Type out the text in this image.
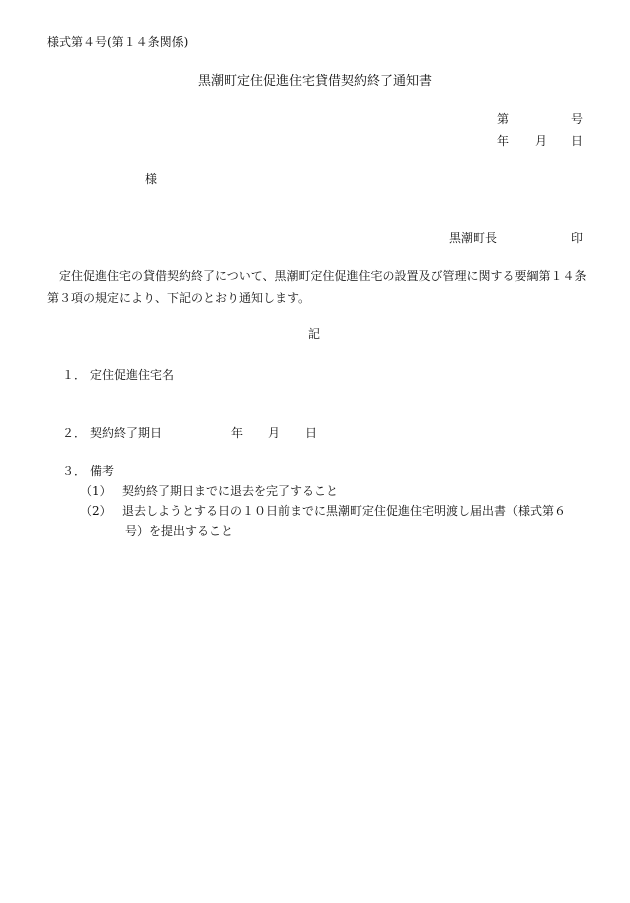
様式第４号(第１４条関係)
黒潮町定住促進住宅貸借契約終了通知書
第	号
年 月 日
様
黒潮町長	印
定住促進住宅の貸借契約終了について、黒潮町定住促進住宅の設置及び管理に関する要綱第１４条第３項の規定により、下記のとおり通知します。
記
１． 定住促進住宅名
２． 契約終了期日	年 月 日
３． 備考
（1） 契約終了期日までに退去を完了すること
（2） 退去しようとする日の１０日前までに黒潮町定住促進住宅明渡し届出書（様式第６
号）を提出すること
